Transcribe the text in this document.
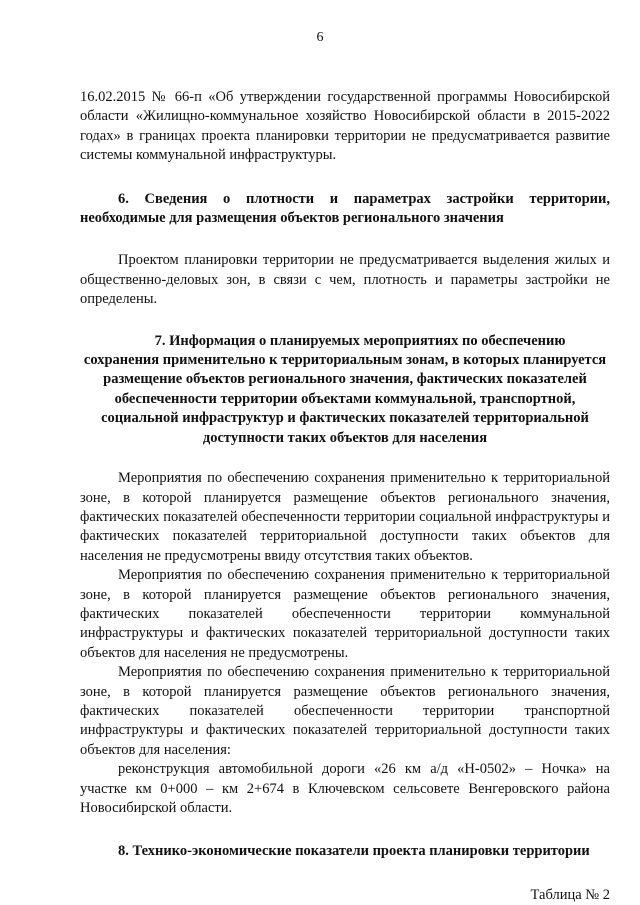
6

16.02.2015 № 66-п «Об утверждении государственной программы Новосибирской области «Жилищно-коммунальное хозяйство Новосибирской области в 2015-2022 годах» в границах проекта планировки территории не предусматривается развитие системы коммунальной инфраструктуры.

6. Сведения о плотности и параметрах застройки территории, необходимые для размещения объектов регионального значения

Проектом планировки территории не предусматривается выделения жилых и общественно-деловых зон, в связи с чем, плотность и параметры застройки не определены.

7. Информация о планируемых мероприятиях по обеспечению
сохранения применительно к территориальным зонам, в которых планируется размещение объектов регионального значения, фактических показателей обеспеченности территории объектами коммунальной, транспортной, социальной инфраструктур и фактических показателей территориальной доступности таких объектов для населения

Мероприятия по обеспечению сохранения применительно к территориальной зоне, в которой планируется размещение объектов регионального значения, фактических показателей обеспеченности территории социальной инфраструктуры и фактических показателей территориальной доступности таких объектов для населения не предусмотрены ввиду отсутствия таких объектов.

Мероприятия по обеспечению сохранения применительно к территориальной зоне, в которой планируется размещение объектов регионального значения, фактических показателей обеспеченности территории коммунальной инфраструктуры и фактических показателей территориальной доступности таких объектов для населения не предусмотрены.

Мероприятия по обеспечению сохранения применительно к территориальной зоне, в которой планируется размещение объектов регионального значения, фактических показателей обеспеченности территории транспортной инфраструктуры и фактических показателей территориальной доступности таких объектов для населения:

реконструкция автомобильной дороги «26 км а/д «Н-0502» – Ночка» на участке км 0+000 – км 2+674 в Ключевском сельсовете Венгеровского района Новосибирской области.

8. Технико-экономические показатели проекта планировки территории

Таблица № 2
